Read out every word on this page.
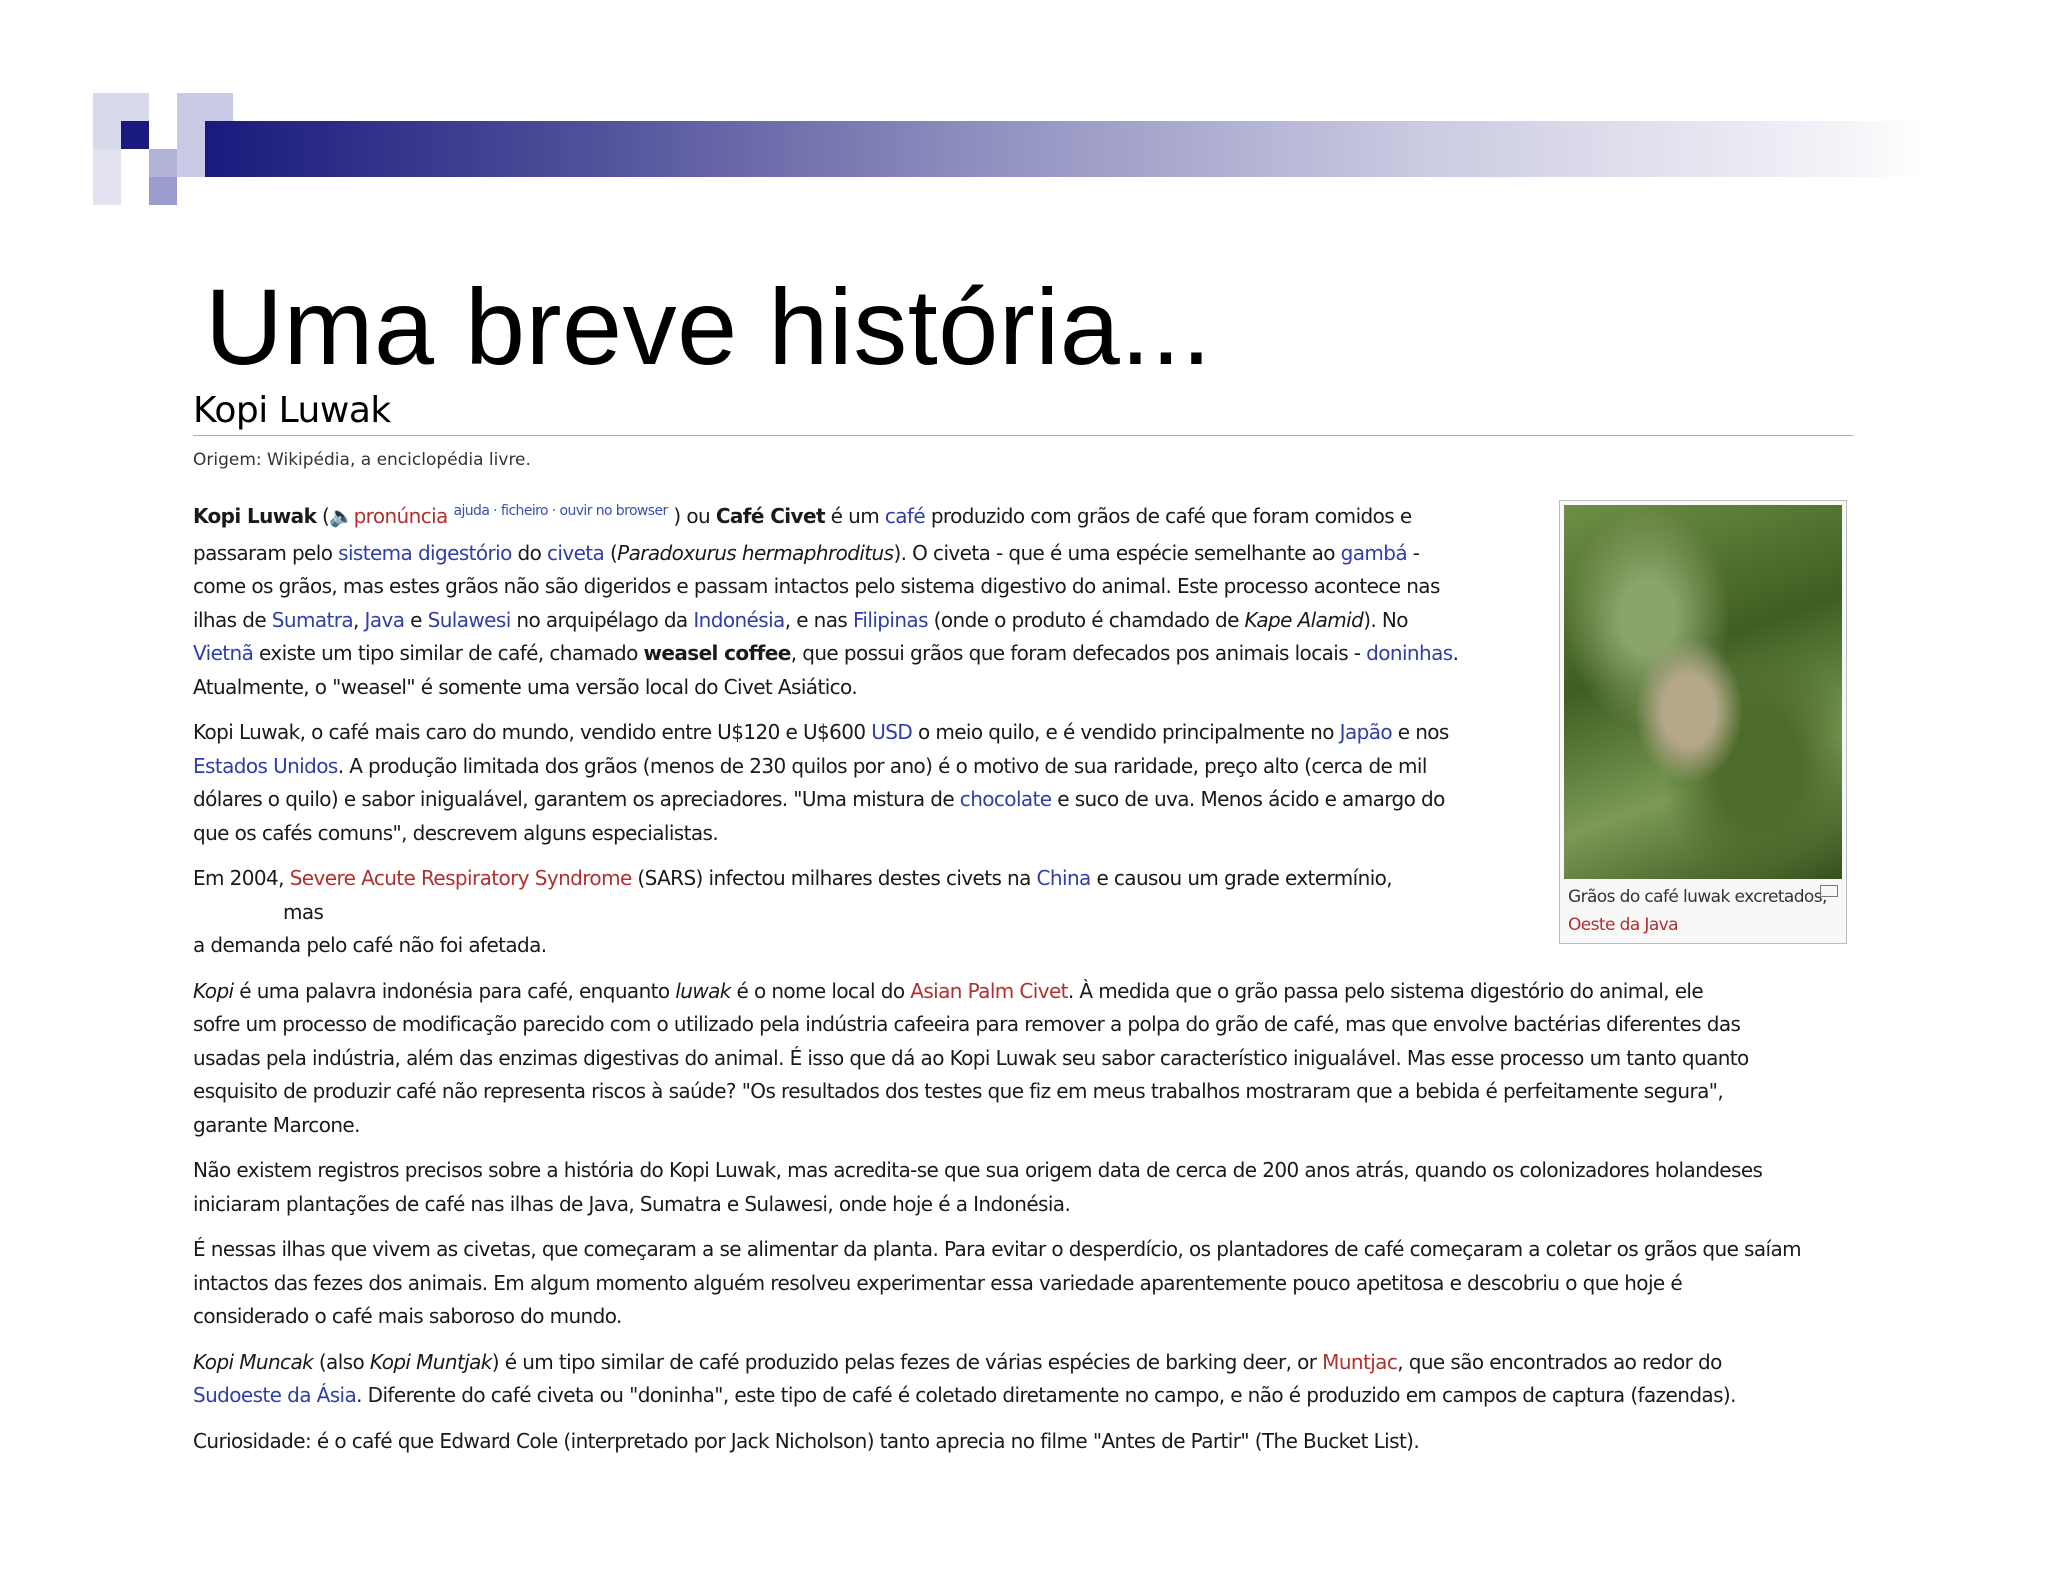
Uma breve história...
Kopi Luwak
Origem: Wikipédia, a enciclopédia livre.
Grãos do café luwak excretados, Oeste da Java

Kopi Luwak (🔈pronúncia $^{ajuda \cdot ficheiro \cdot ouvir no browser}$ ) ou Café Civet é um café produzido com grãos de café que foram comidos e passaram pelo sistema digestório do civeta (Paradoxurus hermaphroditus). O civeta - que é uma espécie semelhante ao gambá - come os grãos, mas estes grãos não são digeridos e passam intactos pelo sistema digestivo do animal. Este processo acontece nas ilhas de Sumatra, Java e Sulawesi no arquipélago da Indonésia, e nas Filipinas (onde o produto é chamdado de Kape Alamid). No Vietnã existe um tipo similar de café, chamado weasel coffee, que possui grãos que foram defecados pos animais locais - doninhas. Atualmente, o "weasel" é somente uma versão local do Civet Asiático.

Kopi Luwak, o café mais caro do mundo, vendido entre U$120 e U$600 USD o meio quilo, e é vendido principalmente no Japão e nos Estados Unidos. A produção limitada dos grãos (menos de 230 quilos por ano) é o motivo de sua raridade, preço alto (cerca de mil dólares o quilo) e sabor inigualável, garantem os apreciadores. "Uma mistura de chocolate e suco de uva. Menos ácido e amargo do que os cafés comuns", descrevem alguns especialistas.

Em 2004, Severe Acute Respiratory Syndrome (SARS) infectou milhares destes civets na China e causou um grade extermínio,mas
a demanda pelo café não foi afetada.

Kopi é uma palavra indonésia para café, enquanto luwak é o nome local do Asian Palm Civet. À medida que o grão passa pelo sistema digestório do animal, ele sofre um processo de modificação parecido com o utilizado pela indústria cafeeira para remover a polpa do grão de café, mas que envolve bactérias diferentes das usadas pela indústria, além das enzimas digestivas do animal. É isso que dá ao Kopi Luwak seu sabor característico inigualável. Mas esse processo um tanto quanto esquisito de produzir café não representa riscos à saúde? "Os resultados dos testes que fiz em meus trabalhos mostraram que a bebida é perfeitamente segura", garante Marcone.

Não existem registros precisos sobre a história do Kopi Luwak, mas acredita-se que sua origem data de cerca de 200 anos atrás, quando os colonizadores holandeses iniciaram plantações de café nas ilhas de Java, Sumatra e Sulawesi, onde hoje é a Indonésia.

É nessas ilhas que vivem as civetas, que começaram a se alimentar da planta. Para evitar o desperdício, os plantadores de café começaram a coletar os grãos que saíam intactos das fezes dos animais. Em algum momento alguém resolveu experimentar essa variedade aparentemente pouco apetitosa e descobriu o que hoje é considerado o café mais saboroso do mundo.

Kopi Muncak (also Kopi Muntjak) é um tipo similar de café produzido pelas fezes de várias espécies de barking deer, or Muntjac, que são encontrados ao redor do Sudoeste da Ásia. Diferente do café civeta ou "doninha", este tipo de café é coletado diretamente no campo, e não é produzido em campos de captura (fazendas).

Curiosidade: é o café que Edward Cole (interpretado por Jack Nicholson) tanto aprecia no filme "Antes de Partir" (The Bucket List).
